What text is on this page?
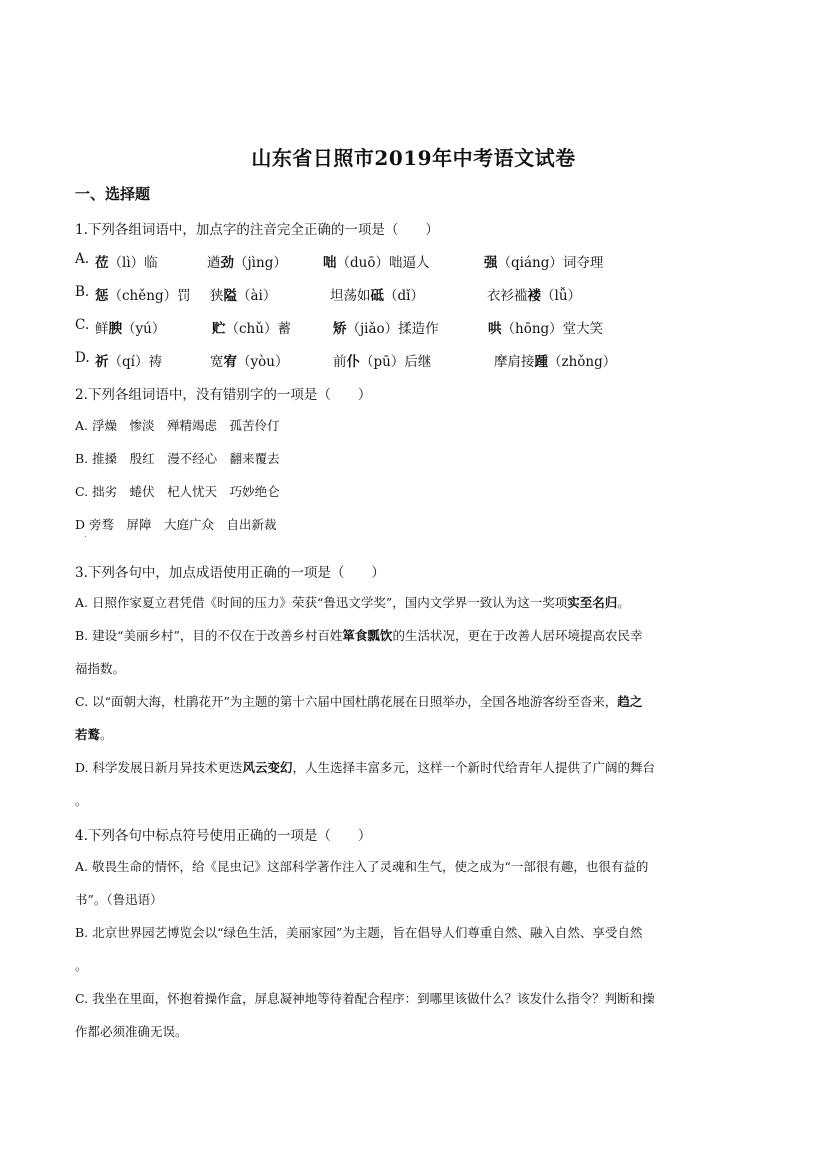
山东省日照市2019年中考语文试卷
一、选择题
1.下列各组词语中，加点字的注音完全正确的一项是（　　）
A. 莅（lì）临	遒劲（jìng）	咄（duō）咄逼人	强（qiáng）词夺理
B. 惩（chěng）罚 狭隘（ài）	坦荡如砥（dǐ）	衣衫褴褛（lǚ）
C. 鲜腴（yú）	贮（chǔ）蓄	矫（jiǎo）揉造作	哄（hōng）堂大笑
D. 祈（qí）祷	宽宥（yòu）	前仆（pū）后继	摩肩接踵（zhǒng）
2.下列各组词语中，没有错别字的一项是（　　）
A. 浮燥　惨淡　殚精竭虑　孤苦伶仃
B. 推搡　殷红　漫不经心　翻来覆去
C. 拙劣　蜷伏　杞人忧天　巧妙绝仑
D 旁骛　屏障　大庭广众　自出新裁
.
3.下列各句中，加点成语使用正确的一项是（　　）
A. 日照作家夏立君凭借《时间的压力》荣获“鲁迅文学奖”，国内文学界一致认为这一奖项实至名归。
B. 建设“美丽乡村”，目的不仅在于改善乡村百姓箪食瓢饮的生活状况，更在于改善人居环境提高农民幸
福指数。
C. 以“面朝大海，杜鹃花开”为主题的第十六届中国杜鹃花展在日照举办，全国各地游客纷至沓来，趋之
若鹜。
D. 科学发展日新月异技术更迭风云变幻，人生选择丰富多元，这样一个新时代给青年人提供了广阔的舞台
。
4.下列各句中标点符号使用正确的一项是（　　）
A. 敬畏生命的情怀，给《昆虫记》这部科学著作注入了灵魂和生气，使之成为“一部很有趣，也很有益的
书”。（鲁迅语）
B. 北京世界园艺博览会以“绿色生活，美丽家园”为主题，旨在倡导人们尊重自然、融入自然、享受自然
。
C. 我坐在里面，怀抱着操作盒，屏息凝神地等待着配合程序：到哪里该做什么？该发什么指令？判断和操
作都必须准确无误。
